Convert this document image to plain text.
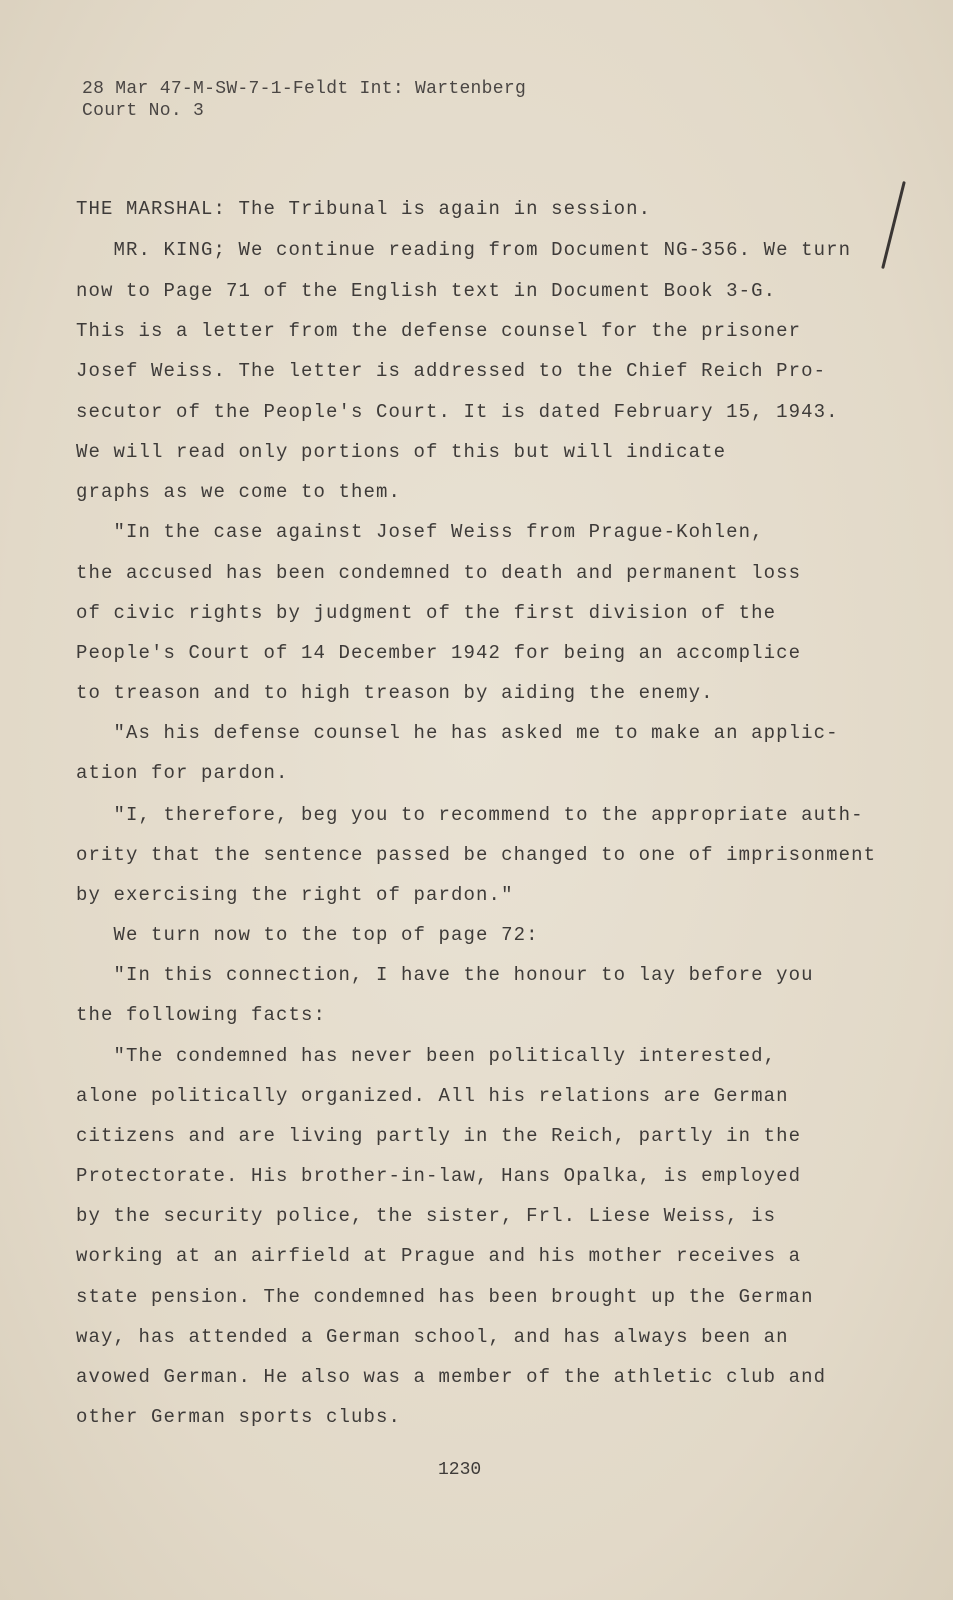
28 Mar 47-M-SW-7-1-Feldt Int: Wartenberg
Court No. 3
THE MARSHAL: The Tribunal is again in session.
MR. KING; We continue reading from Document NG-356. We turn
now to Page 71 of the English text in Document Book 3-G.
This is a letter from the defense counsel for the prisoner
Josef Weiss. The letter is addressed to the Chief Reich Pro-
secutor of the People's Court. It is dated February 15, 1943.
We will read only portions of this but will indicate
graphs as we come to them.
"In the case against Josef Weiss from Prague-Kohlen,
the accused has been condemned to death and permanent loss
of civic rights by judgment of the first division of the
People's Court of 14 December 1942 for being an accomplice
to treason and to high treason by aiding the enemy.
"As his defense counsel he has asked me to make an applic-
ation for pardon.
"I, therefore, beg you to recommend to the appropriate auth-
ority that the sentence passed be changed to one of imprisonment
by exercising the right of pardon."
We turn now to the top of page 72:
"In this connection, I have the honour to lay before you
the following facts:
"The condemned has never been politically interested,
alone politically organized. All his relations are German
citizens and are living partly in the Reich, partly in the
Protectorate. His brother-in-law, Hans Opalka, is employed
by the security police, the sister, Frl. Liese Weiss, is
working at an airfield at Prague and his mother receives a
state pension. The condemned has been brought up the German
way, has attended a German school, and has always been an
avowed German. He also was a member of the athletic club and
other German sports clubs.
1230
